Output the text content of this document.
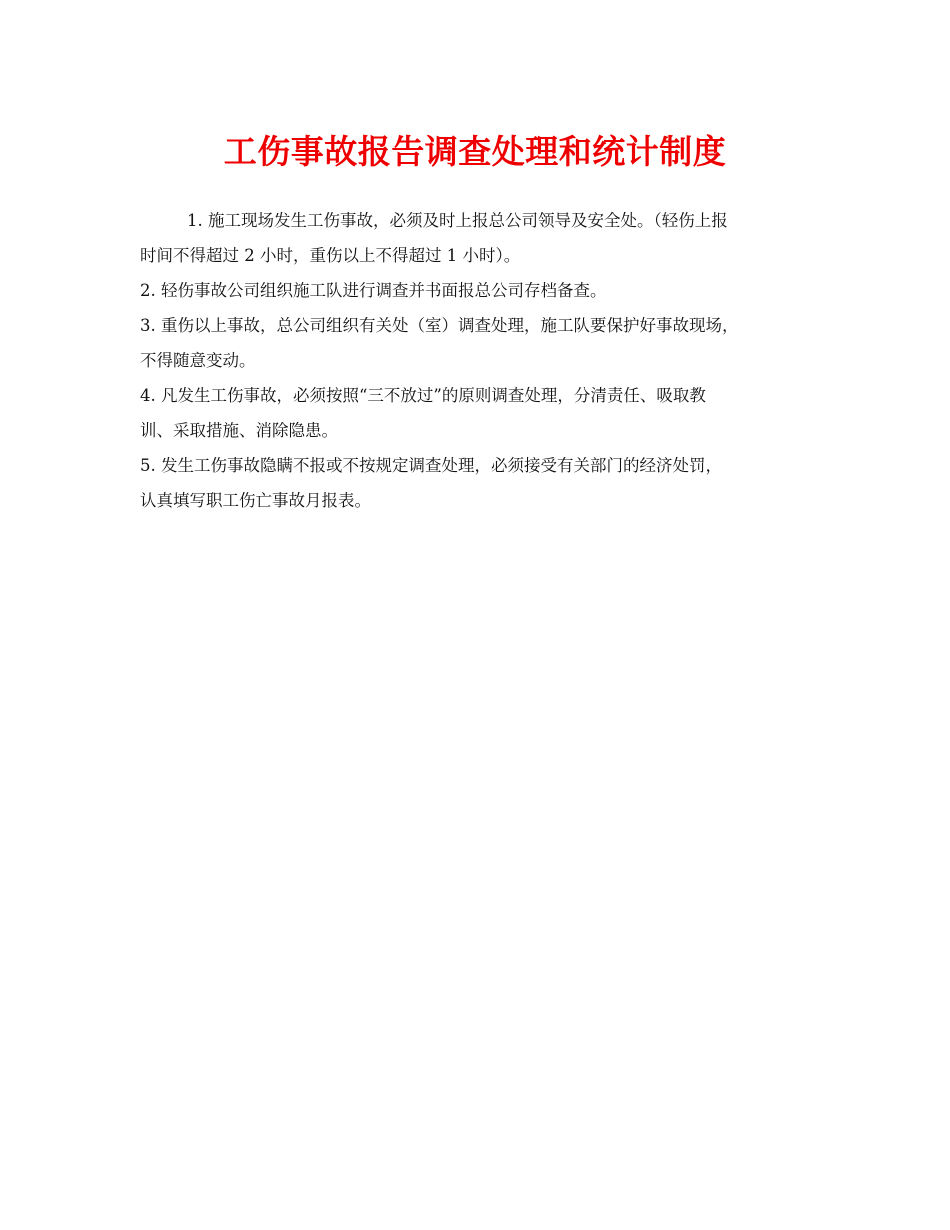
工伤事故报告调查处理和统计制度
1. 施工现场发生工伤事故，必须及时上报总公司领导及安全处。（轻伤上报
时间不得超过 2 小时，重伤以上不得超过 1 小时）。
2. 轻伤事故公司组织施工队进行调查并书面报总公司存档备查。
3. 重伤以上事故，总公司组织有关处（室）调查处理，施工队要保护好事故现场，
不得随意变动。
4. 凡发生工伤事故，必须按照“三不放过”的原则调查处理，分清责任、吸取教
训、采取措施、消除隐患。
5. 发生工伤事故隐瞒不报或不按规定调查处理，必须接受有关部门的经济处罚，
认真填写职工伤亡事故月报表。
